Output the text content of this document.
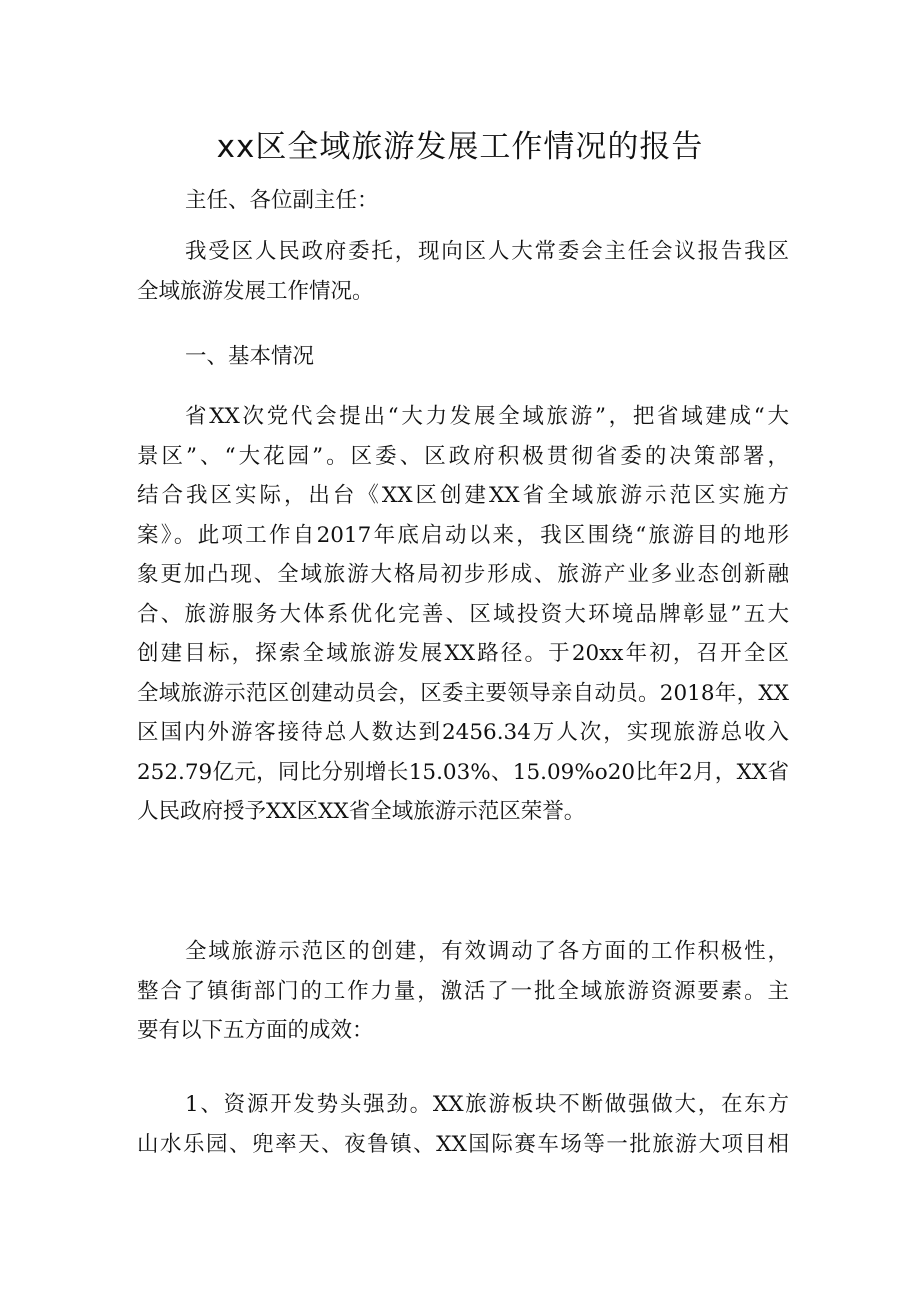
xx区全域旅游发展工作情况的报告
主任、各位副主任：
我受区人民政府委托，现向区人大常委会主任会议报告我区
全域旅游发展工作情况。
一、基本情况
省XX次党代会提出“大力发展全域旅游”，把省域建成“大
景区”、“大花园”。区委、区政府积极贯彻省委的决策部署，
结合我区实际，出台《XX区创建XX省全域旅游示范区实施方
案》。此项工作自2017年底启动以来，我区围绕“旅游目的地形
象更加凸现、全域旅游大格局初步形成、旅游产业多业态创新融
合、旅游服务大体系优化完善、区域投资大环境品牌彰显”五大
创建目标，探索全域旅游发展XX路径。于20xx年初，召开全区
全域旅游示范区创建动员会，区委主要领导亲自动员。2018年，XX
区国内外游客接待总人数达到2456.34万人次，实现旅游总收入
252.79亿元，同比分别增长15.03%、15.09%o20比年2月，XX省
人民政府授予XX区XX省全域旅游示范区荣誉。
全域旅游示范区的创建，有效调动了各方面的工作积极性，
整合了镇街部门的工作力量，激活了一批全域旅游资源要素。主
要有以下五方面的成效：
1、资源开发势头强劲。XX旅游板块不断做强做大，在东方
山水乐园、兜率天、夜鲁镇、XX国际赛车场等一批旅游大项目相
